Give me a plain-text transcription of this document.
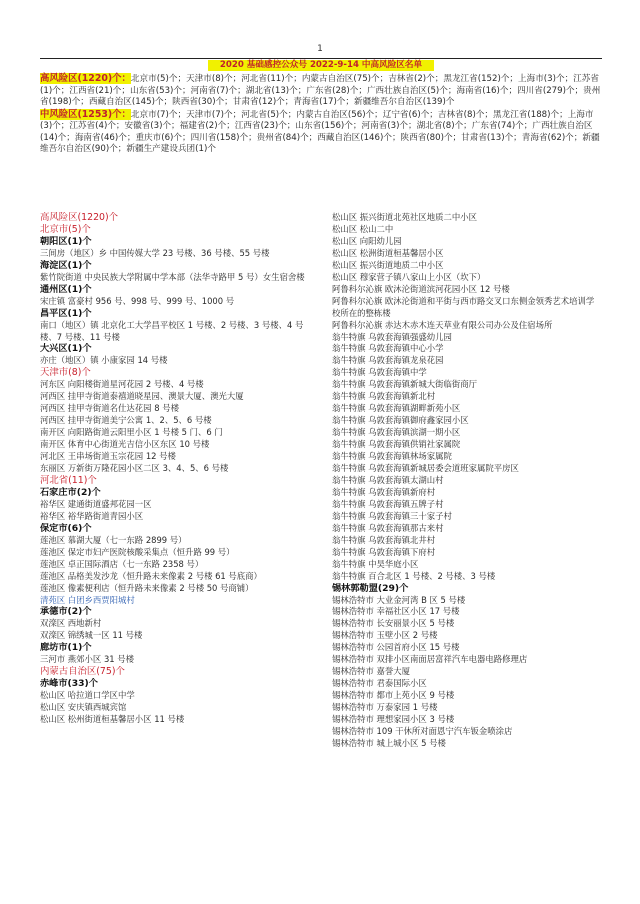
1
2020 基础感控公众号 2022-9-14 中高风险区名单
高风险区(1220)个：北京市(5)个；天津市(8)个；河北省(11)个；内蒙古自治区(75)个；吉林省(2)个；黑龙江省(152)个；上海市(3)个；江苏省(1)个；江西省(21)个；山东省(53)个；河南省(7)个；湖北省(13)个；广东省(28)个；广西壮族自治区(5)个；海南省(16)个；四川省(279)个；贵州省(198)个；西藏自治区(145)个；陕西省(30)个；甘肃省(12)个；青海省(17)个；新疆维吾尔自治区(139)个
中风险区(1253)个：北京市(7)个；天津市(7)个；河北省(5)个；内蒙古自治区(56)个；辽宁省(6)个；吉林省(8)个；黑龙江省(188)个；上海市(3)个；江苏省(4)个；安徽省(3)个；福建省(2)个；江西省(23)个；山东省(156)个；河南省(3)个；湖北省(8)个；广东省(74)个；广西壮族自治区(14)个；海南省(46)个；重庆市(6)个；四川省(158)个；贵州省(84)个；西藏自治区(146)个；陕西省(80)个；甘肃省(13)个；青海省(62)个；新疆维吾尔自治区(90)个；新疆生产建设兵团(1)个
高风险区(1220)个
北京市(5)个
朝阳区(1)个
三间房（地区）乡 中国传媒大学 23 号楼、36 号楼、55 号楼
海淀区(1)个
紫竹院街道 中央民族大学附属中学本部（法华寺路甲 5 号）女生宿舍楼
通州区(1)个
宋庄镇 富豪村 956 号、998 号、999 号、1000 号
昌平区(1)个
南口（地区）镇 北京化工大学昌平校区 1 号楼、2 号楼、3 号楼、4 号楼、7 号楼、11 号楼
大兴区(1)个
亦庄（地区）镇 小康家园 14 号楼
天津市(8)个
河东区 向阳楼街道星河花园 2 号楼、4 号楼
河西区 挂甲寺街道泰禧道晓星园、澳景大厦、澳光大厦
河西区 挂甲寺街道名仕达花园 8 号楼
河西区 挂甲寺街道美宁公寓 1、2、5、6 号楼
南开区 向阳路街道云阳里小区 1 号楼 5 门、6 门
南开区 体育中心街道光吉信小区东区 10 号楼
河北区 王串场街道玉宗花园 12 号楼
东丽区 万新街万隆花园小区二区 3、4、5、6 号楼
河北省(11)个
石家庄市(2)个
裕华区 建通街道盛邦花园一区
裕华区 裕华路街道青园小区
保定市(6)个
莲池区 慕湖大厦（七一东路 2899 号）
莲池区 保定市妇产医院核酸采集点（恒升路 99 号）
莲池区 卓正国际酒店（七一东路 2358 号）
莲池区 品格美发沙龙（恒升路未来像素 2 号楼 61 号底商）
莲池区 像素便利店（恒升路未来像素 2 号楼 50 号商铺）
清苑区 白团乡西贾阳城村
承德市(2)个
双滦区 西地新村
双滦区 锦绣城一区 11 号楼
廊坊市(1)个
三河市 燕郊小区 31 号楼
内蒙古自治区(75)个
赤峰市(33)个
松山区 哈拉道口学区中学
松山区 安庆镇西城宾馆
松山区 松州街道桓基馨居小区 11 号楼
松山区 振兴街道北苑社区地质二中小区
松山区 松山二中
松山区 向阳幼儿园
松山区 松洲街道桓基馨居小区
松山区 振兴街道地质二中小区
松山区 穆家营子镇八家山上小区（坎下）
阿鲁科尔沁旗 欧沐沦街道滨河花园小区 12 号楼
阿鲁科尔沁旗 欧沐沦街道和平街与西市路交叉口东侧金领秀艺术培训学校所在的整栋楼
阿鲁科尔沁旗 赤达木赤木连天草业有限公司办公及住宿场所
翁牛特旗 乌敦套海镇强盛幼儿园
翁牛特旗 乌敦套海镇中心小学
翁牛特旗 乌敦套海镇龙泉花园
翁牛特旗 乌敦套海镇中学
翁牛特旗 乌敦套海镇新城大街临街商厅
翁牛特旗 乌敦套海镇新北村
翁牛特旗 乌敦套海镇湖畔新苑小区
翁牛特旗 乌敦套海镇御府鑫家园小区
翁牛特旗 乌敦套海镇滨湖一期小区
翁牛特旗 乌敦套海镇供销社家属院
翁牛特旗 乌敦套海镇林场家属院
翁牛特旗 乌敦套海镇新城居委会道班家属院平房区
翁牛特旗 乌敦套海镇太湖山村
翁牛特旗 乌敦套海镇新府村
翁牛特旗 乌敦套海镇五牌子村
翁牛特旗 乌敦套海镇三十家子村
翁牛特旗 乌敦套海镇那古来村
翁牛特旗 乌敦套海镇北井村
翁牛特旗 乌敦套海镇下府村
翁牛特旗 中昊华庭小区
翁牛特旗 百合北区 1 号楼、2 号楼、3 号楼
锡林郭勒盟(29)个
锡林浩特市 大业金河湾 B 区 5 号楼
锡林浩特市 幸福社区小区 17 号楼
锡林浩特市 长安丽景小区 5 号楼
锡林浩特市 玉壁小区 2 号楼
锡林浩特市 公园首府小区 15 号楼
锡林浩特市 双排小区南面居富祥汽车电器电路修理店
锡林浩特市 嘉誉大厦
锡林浩特市 君泰国际小区
锡林浩特市 都市上苑小区 9 号楼
锡林浩特市 万泰家园 1 号楼
锡林浩特市 理想家园小区 3 号楼
锡林浩特市 109 干休所对面恩宁汽车钣金喷涂店
锡林浩特市 城上城小区 5 号楼
